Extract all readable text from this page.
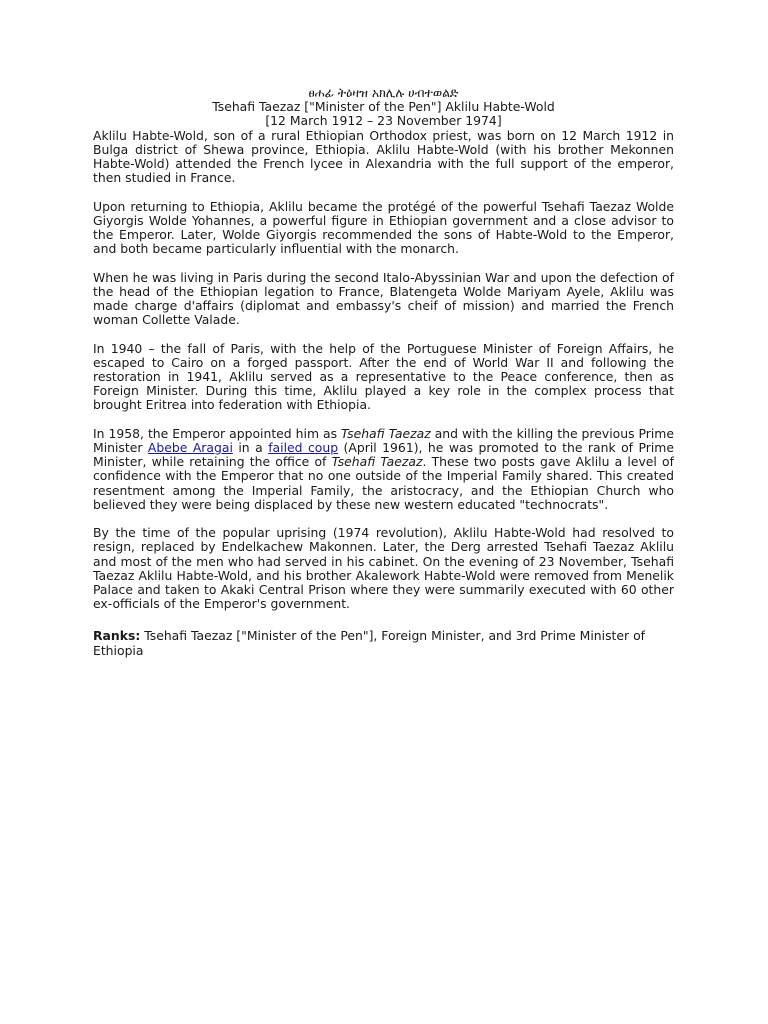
ፀሐፊ ትዕዛዝ አክሊሉ ሀብተወልድ
Tsehafi Taezaz ["Minister of the Pen"] Aklilu Habte-Wold
[12 March 1912 – 23 November 1974]

Aklilu Habte-Wold, son of a rural Ethiopian Orthodox priest, was born on 12 March 1912 in Bulga district of Shewa province, Ethiopia. Aklilu Habte-Wold (with his brother Mekonnen Habte-Wold) attended the French lycee in Alexandria with the full support of the emperor, then studied in France.

Upon returning to Ethiopia, Aklilu became the protégé of the powerful Tsehafi Taezaz Wolde Giyorgis Wolde Yohannes, a powerful figure in Ethiopian government and a close advisor to the Emperor. Later, Wolde Giyorgis recommended the sons of Habte-Wold to the Emperor, and both became particularly influential with the monarch.

When he was living in Paris during the second Italo-Abyssinian War and upon the defection of the head of the Ethiopian legation to France, Blatengeta Wolde Mariyam Ayele, Aklilu was made charge d'affairs (diplomat and embassy's cheif of mission) and married the French woman Collette Valade.

In 1940 – the fall of Paris, with the help of the Portuguese Minister of Foreign Affairs, he escaped to Cairo on a forged passport. After the end of World War II and following the restoration in 1941, Aklilu served as a representative to the Peace conference, then as Foreign Minister. During this time, Aklilu played a key role in the complex process that brought Eritrea into federation with Ethiopia.

In 1958, the Emperor appointed him as Tsehafi Taezaz and with the killing the previous Prime Minister Abebe Aragai in a failed coup (April 1961), he was promoted to the rank of Prime Minister, while retaining the office of Tsehafi Taezaz. These two posts gave Aklilu a level of confidence with the Emperor that no one outside of the Imperial Family shared. This created resentment among the Imperial Family, the aristocracy, and the Ethiopian Church who believed they were being displaced by these new western educated "technocrats".

By the time of the popular uprising (1974 revolution), Aklilu Habte-Wold had resolved to resign, replaced by Endelkachew Makonnen. Later, the Derg arrested Tsehafi Taezaz Aklilu and most of the men who had served in his cabinet. On the evening of 23 November, Tsehafi Taezaz Aklilu Habte-Wold, and his brother Akalework Habte-Wold were removed from Menelik Palace and taken to Akaki Central Prison where they were summarily executed with 60 other ex-officials of the Emperor's government.

Ranks: Tsehafi Taezaz ["Minister of the Pen"], Foreign Minister, and 3rd Prime Minister of Ethiopia
